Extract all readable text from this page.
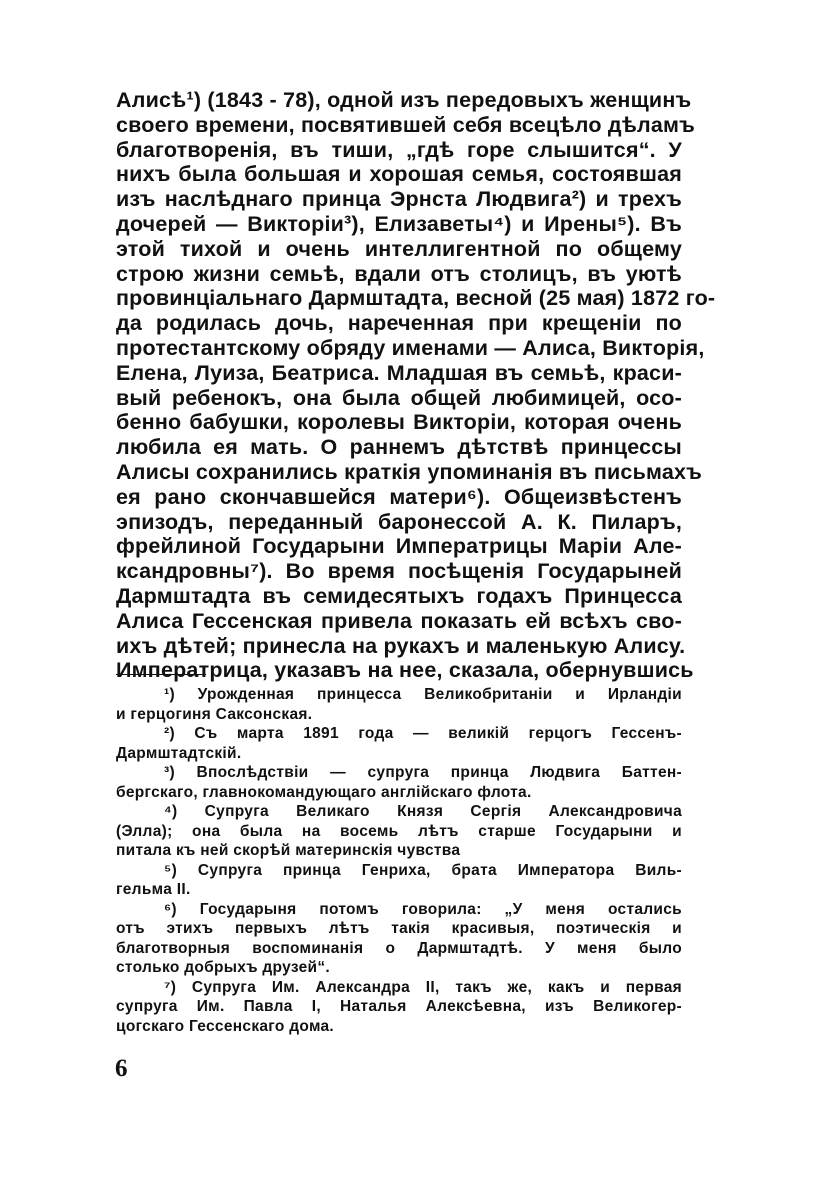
Алисѣ¹) (1843 - 78), одной изъ передовыхъ женщинъ
своего времени, посвятившей себя всецѣло дѣламъ
благотворенія, въ тиши, „гдѣ горе слышится“. У
нихъ была большая и хорошая семья, состоявшая
изъ наслѣднаго принца Эрнста Людвига²) и трехъ
дочерей — Викторіи³), Елизаветы⁴) и Ирены⁵). Въ
этой тихой и очень интеллигентной по общему
строю жизни семьѣ, вдали отъ столицъ, въ уютѣ
провинціальнаго Дармштадта, весной (25 мая) 1872 го-
да родилась дочь, нареченная при крещеніи по
протестантскому обряду именами — Алиса, Викторія,
Елена, Луиза, Беатриса. Младшая въ семьѣ, краси-
вый ребенокъ, она была общей любимицей, осо-
бенно бабушки, королевы Викторіи, которая очень
любила ея мать. О раннемъ дѣтствѣ принцессы
Алисы сохранились краткія упоминанія въ письмахъ
ея рано скончавшейся матери⁶). Общеизвѣстенъ
эпизодъ, переданный баронессой А. К. Пиларъ,
фрейлиной Государыни Императрицы Маріи Але-
ксандровны⁷). Во время посѣщенія Государыней
Дармштадта въ семидесятыхъ годахъ Принцесса
Алиса Гессенская привела показать ей всѣхъ сво-
ихъ дѣтей; принесла на рукахъ и маленькую Алису.
Императрица, указавъ на нее, сказала, обернувшись
¹) Урожденная принцесса Великобританіи и Ирландіи
и герцогиня Саксонская.
²) Съ марта 1891 года — великій герцогъ Гессенъ-
Дармштадтскій.
³) Впослѣдствіи — супруга принца Людвига Баттен-
бергскаго, главнокомандующаго англійскаго флота.
⁴) Супруга Великаго Князя Сергія Александровича
(Элла); она была на восемь лѣтъ старше Государыни и
питала къ ней скорѣй материнскія чувства
⁵) Супруга принца Генриха, брата Императора Виль-
гельма II.
⁶) Государыня потомъ говорила: „У меня остались
отъ этихъ первыхъ лѣтъ такія красивыя, поэтическія и
благотворныя воспоминанія о Дармштадтѣ. У меня было
столько добрыхъ друзей“.
⁷) Супруга Им. Александра II, такъ же, какъ и первая
супруга Им. Павла I, Наталья Алексѣевна, изъ Великогер-
цогскаго Гессенскаго дома.
6
